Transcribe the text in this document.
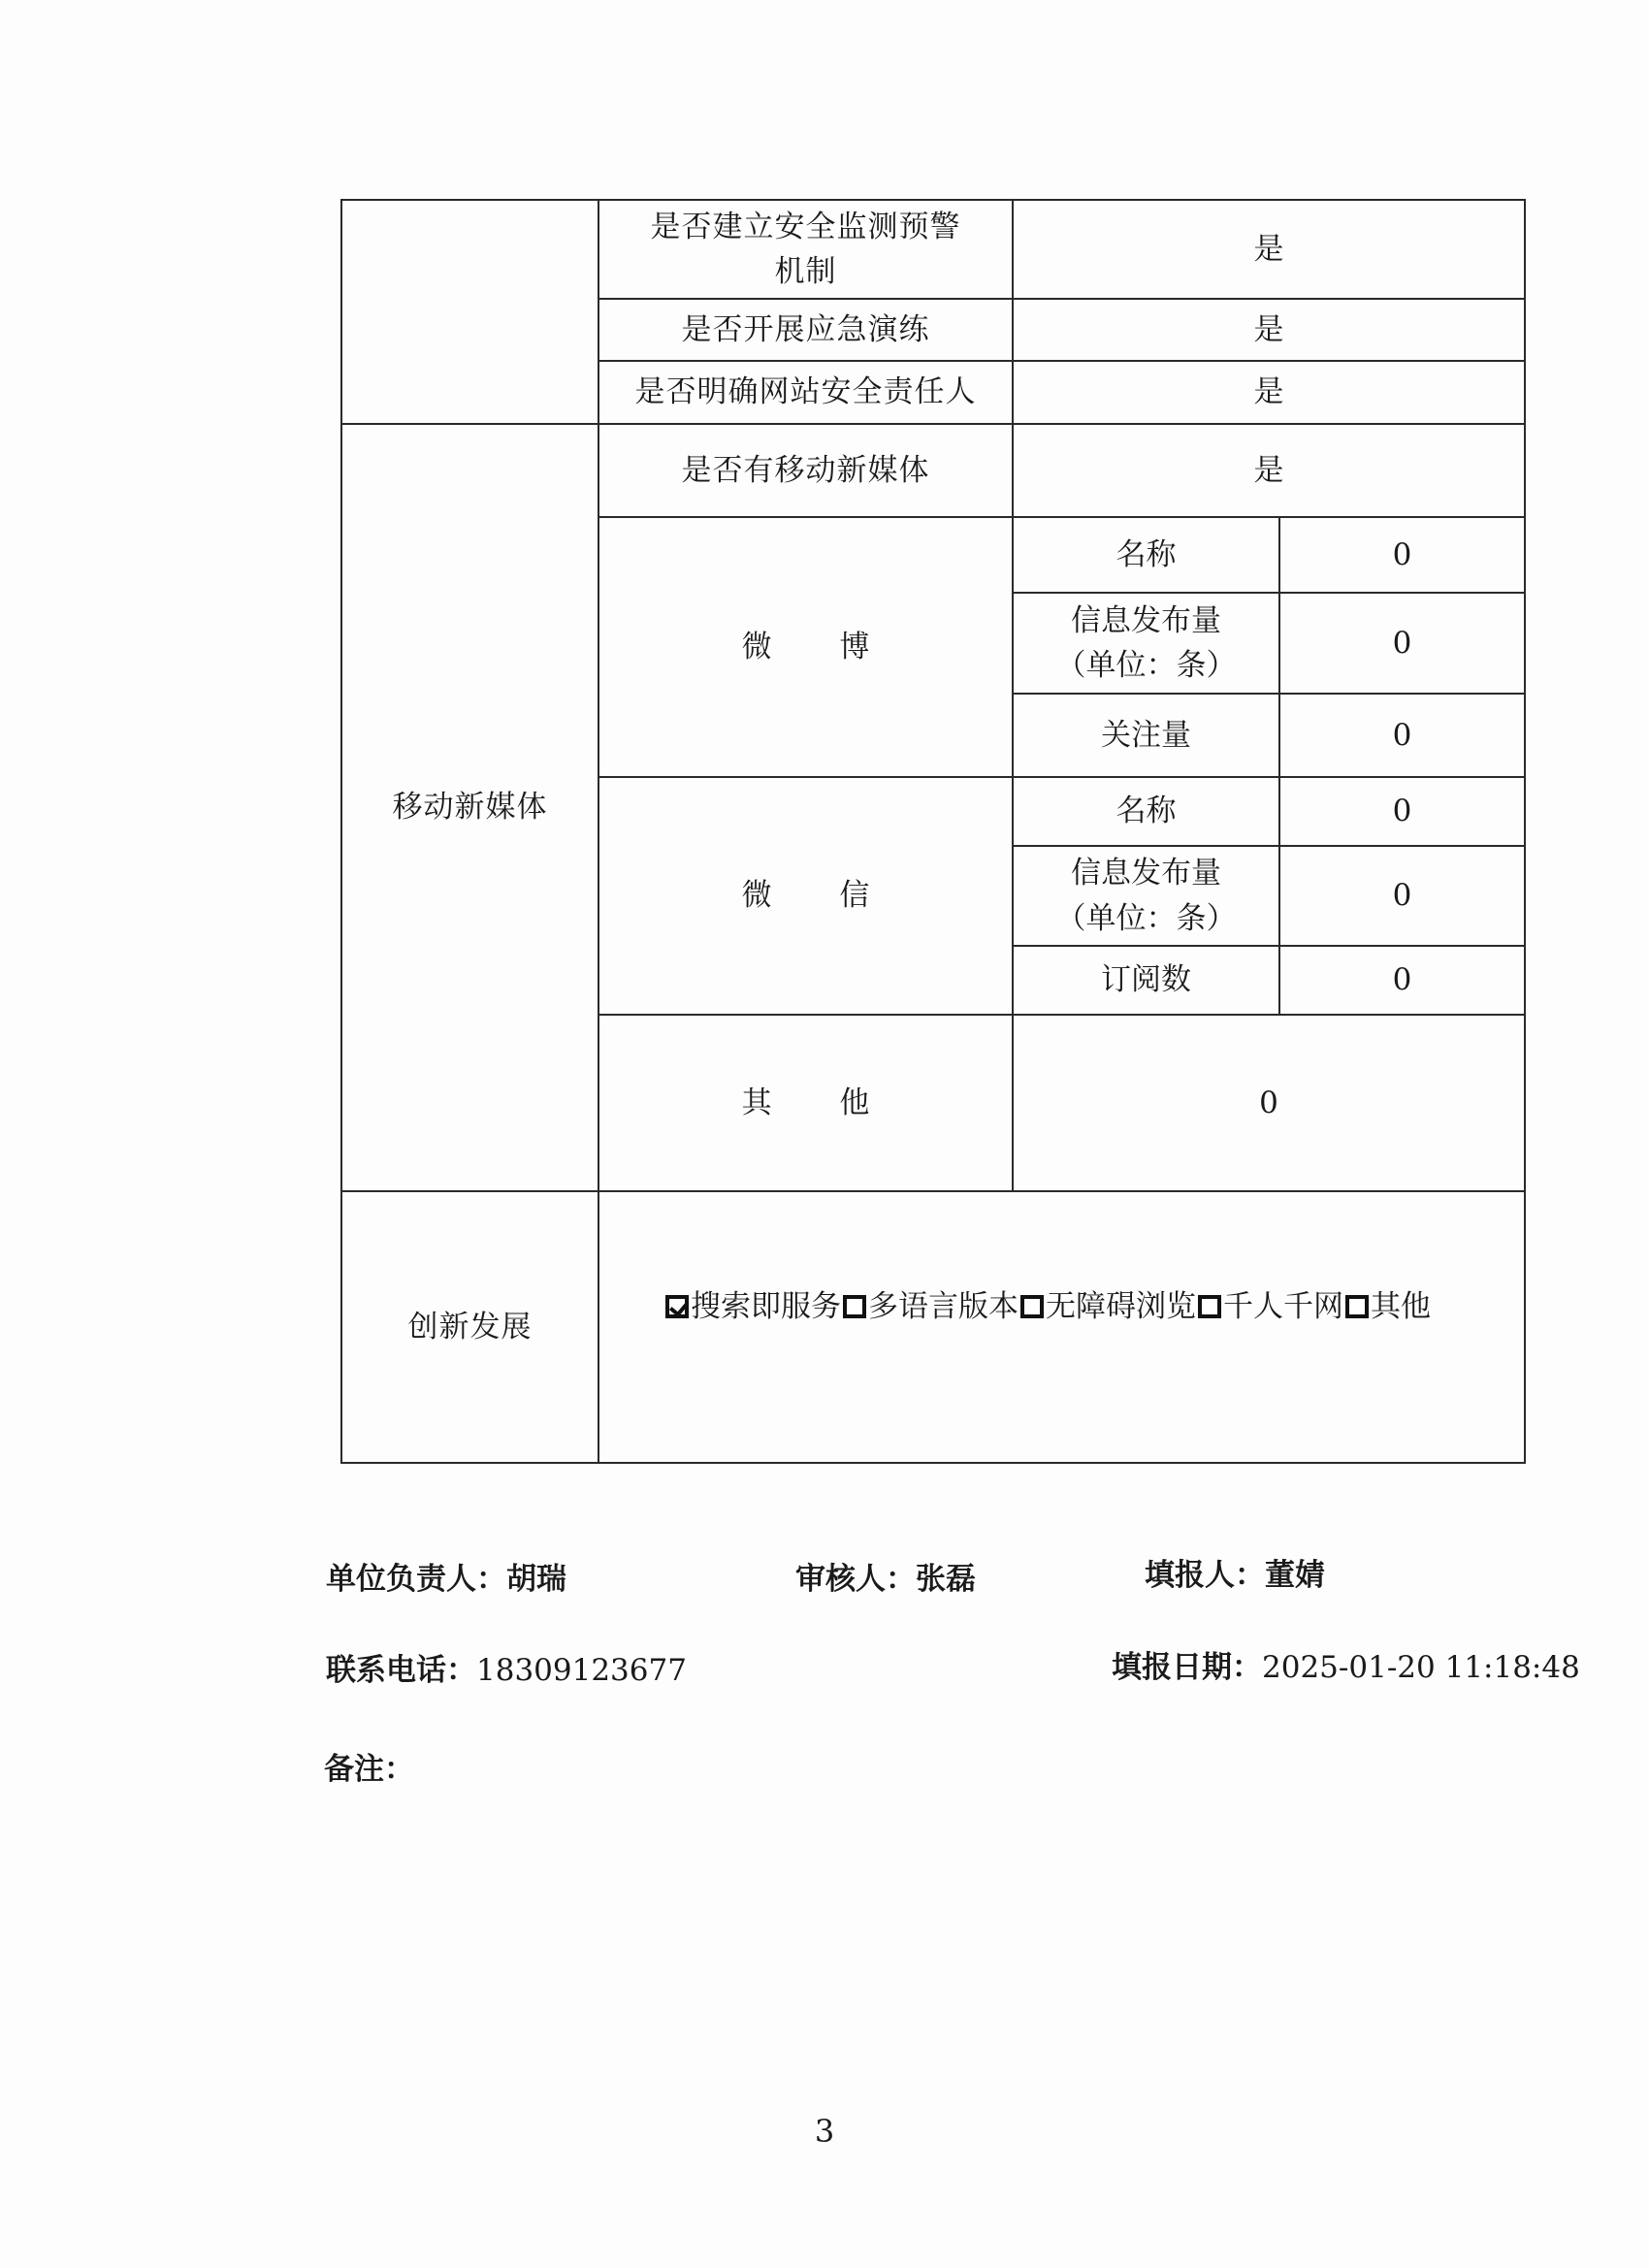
	是否建立安全监测预警机制	是	
	是否开展应急演练	是	
	是否明确网站安全责任人	是	
移动新媒体	是否有移动新媒体	是	
	微 博	名称	0

		信息发布量
（单位：条）	0
		关注量	0
	微 信	名称	0

		信息发布量
（单位：条）	0
		订阅数	0
	其 他	0	

创新发展	搜索即服务 多语言版本 无障碍浏览 千人千网 其他		
单位负责人：胡瑞	审核人：张磊	填报人：董婧
联系电话：18309123677	填报日期：2025-01-20 11:18:48
备注：
3
